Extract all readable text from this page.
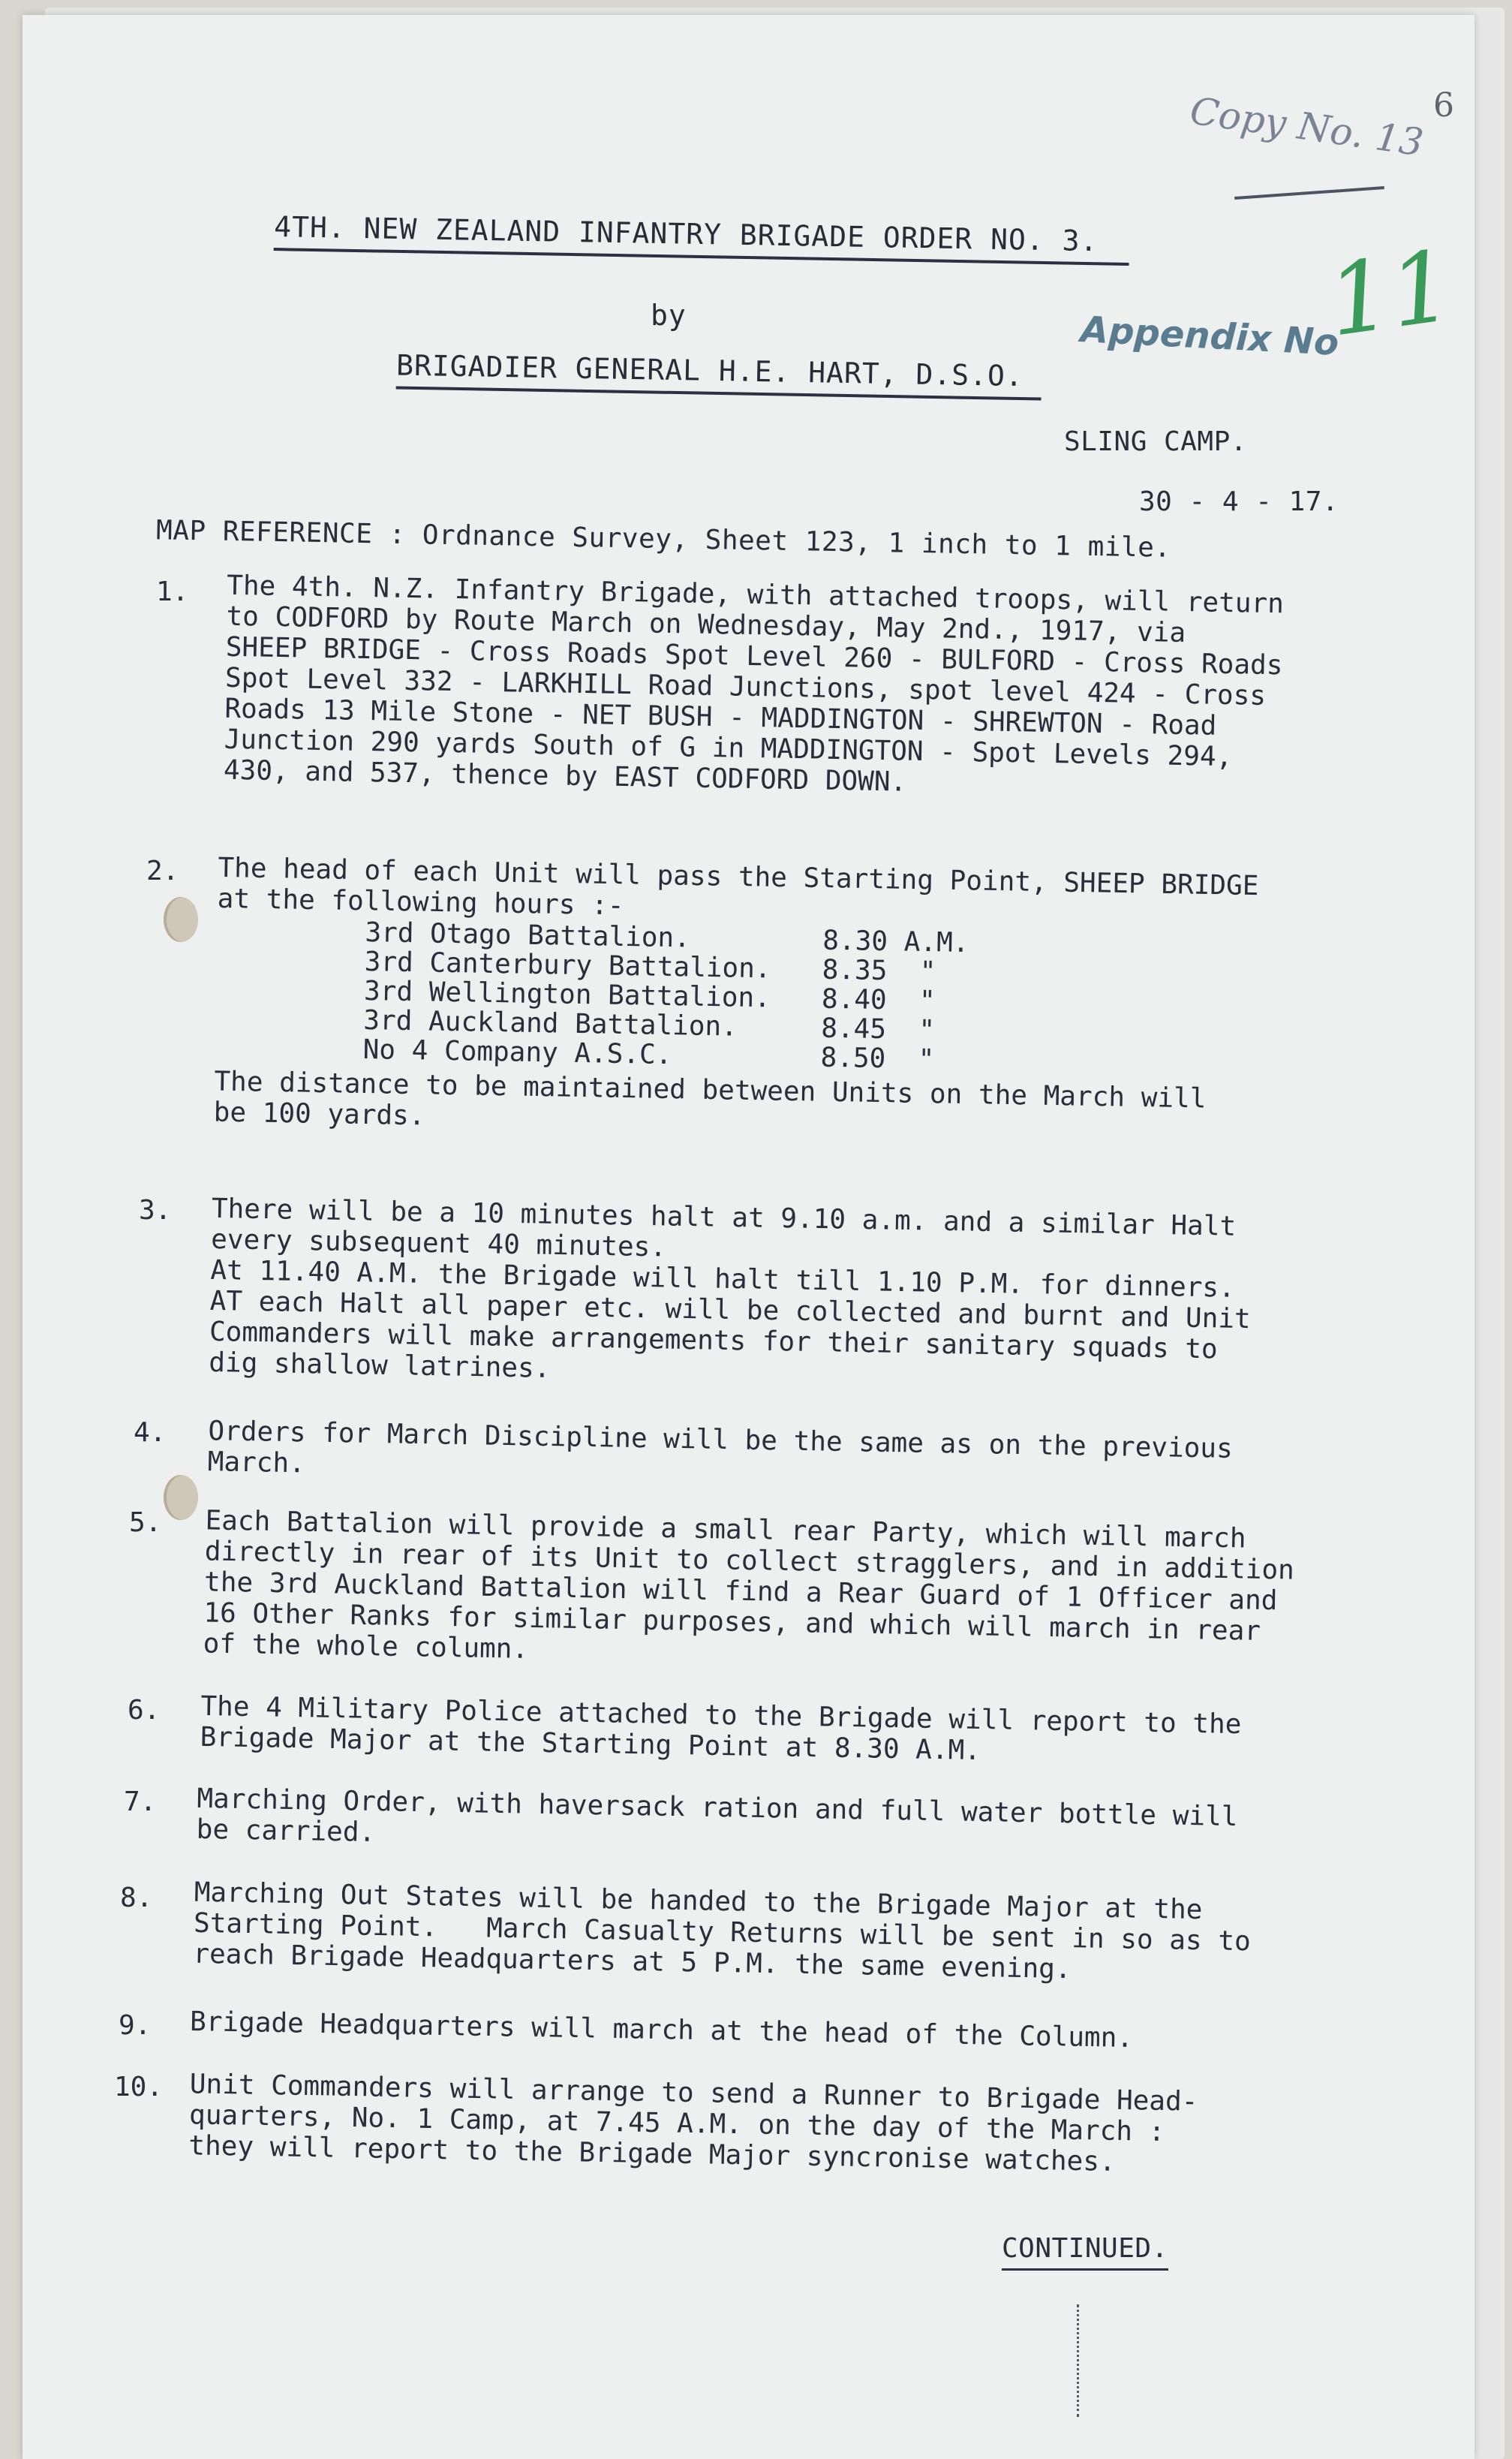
6
Copy No. 13
Appendix No
11
4TH. NEW ZEALAND INFANTRY BRIGADE ORDER NO. 3.
by
BRIGADIER GENERAL H.E. HART, D.S.O.
SLING CAMP.
30 - 4 - 17.
MAP REFERENCE : Ordnance Survey, Sheet 123, 1 inch to 1 mile.
1. The 4th. N.Z. Infantry Brigade, with attached troops, will return
to CODFORD by Route March on Wednesday, May 2nd., 1917, via
SHEEP BRIDGE - Cross Roads Spot Level 260 - BULFORD - Cross Roads
Spot Level 332 - LARKHILL Road Junctions, spot level 424 - Cross
Roads 13 Mile Stone - NET BUSH - MADDINGTON - SHREWTON - Road
Junction 290 yards South of G in MADDINGTON - Spot Levels 294,
430, and 537, thence by EAST CODFORD DOWN.
2. The head of each Unit will pass the Starting Point, SHEEP BRIDGE
at the following hours :-
3rd Otago Battalion.	8.30 A.M.
3rd Canterbury Battalion.	8.35  "
3rd Wellington Battalion.	8.40  "
3rd Auckland Battalion.	8.45  "
No 4 Company A.S.C.	8.50  "
The distance to be maintained between Units on the March will
be 100 yards.
3. There will be a 10 minutes halt at 9.10 a.m. and a similar Halt
every subsequent 40 minutes.
At 11.40 A.M. the Brigade will halt till 1.10 P.M. for dinners.
AT each Halt all paper etc. will be collected and burnt and Unit
Commanders will make arrangements for their sanitary squads to
dig shallow latrines.
4. Orders for March Discipline will be the same as on the previous
March.
5. Each Battalion will provide a small rear Party, which will march
directly in rear of its Unit to collect stragglers, and in addition
the 3rd Auckland Battalion will find a Rear Guard of 1 Officer and
16 Other Ranks for similar purposes, and which will march in rear
of the whole column.
6. The 4 Military Police attached to the Brigade will report to the
Brigade Major at the Starting Point at 8.30 A.M.
7. Marching Order, with haversack ration and full water bottle will
be carried.
8. Marching Out States will be handed to the Brigade Major at the
Starting Point.   March Casualty Returns will be sent in so as to
reach Brigade Headquarters at 5 P.M. the same evening.
9. Brigade Headquarters will march at the head of the Column.
10. Unit Commanders will arrange to send a Runner to Brigade Head-
quarters, No. 1 Camp, at 7.45 A.M. on the day of the March :
they will report to the Brigade Major syncronise watches.
CONTINUED.
